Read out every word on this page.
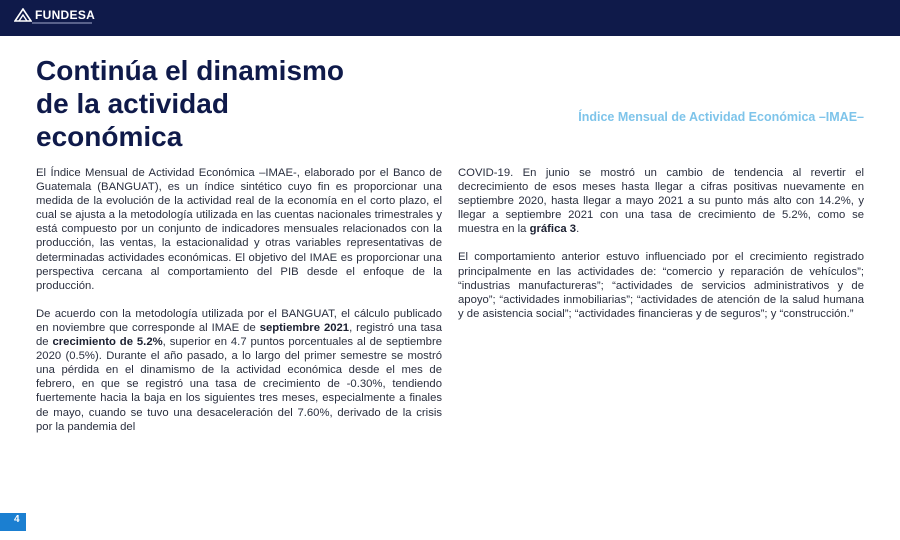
FUNDESA
Continúa el dinamismo
de la actividad
económica
Índice Mensual de Actividad Económica –IMAE–

El Índice Mensual de Actividad Económica –IMAE-, elaborado por el Banco de Guatemala (BANGUAT), es un índice sintético cuyo fin es proporcionar una medida de la evolución de la actividad real de la economía en el corto plazo, el cual se ajusta a la metodología utilizada en las cuentas nacionales trimestrales y está compuesto por un conjunto de indicadores mensuales relacionados con la producción, las ventas, la estacionalidad y otras variables representativas de determinadas actividades económicas. El objetivo del IMAE es proporcionar una perspectiva cercana al comportamiento del PIB desde el enfoque de la producción.

De acuerdo con la metodología utilizada por el BANGUAT, el cálculo publicado en noviembre que corresponde al IMAE de septiembre 2021, registró una tasa de crecimiento de 5.2%, superior en 4.7 puntos porcentuales al de septiembre 2020 (0.5%). Durante el año pasado, a lo largo del primer semestre se mostró una pérdida en el dinamismo de la actividad económica desde el mes de febrero, en que se registró una tasa de crecimiento de -0.30%, tendiendo fuertemente hacia la baja en los siguientes tres meses, especialmente a finales de mayo, cuando se tuvo una desaceleración del 7.60%, derivado de la crisis por la pandemia del

COVID-19. En junio se mostró un cambio de tendencia al revertir el decrecimiento de esos meses hasta llegar a cifras positivas nuevamente en septiembre 2020, hasta llegar a mayo 2021 a su punto más alto con 14.2%, y llegar a septiembre 2021 con una tasa de crecimiento de 5.2%, como se muestra en la gráfica 3.

El comportamiento anterior estuvo influenciado por el crecimiento registrado principalmente en las actividades de: “comercio y reparación de vehículos”; “industrias manufactureras”; “actividades de servicios administrativos y de apoyo”; “actividades inmobiliarias”; “actividades de atención de la salud humana y de asistencia social”; “actividades financieras y de seguros”; y “construcción.”

4
